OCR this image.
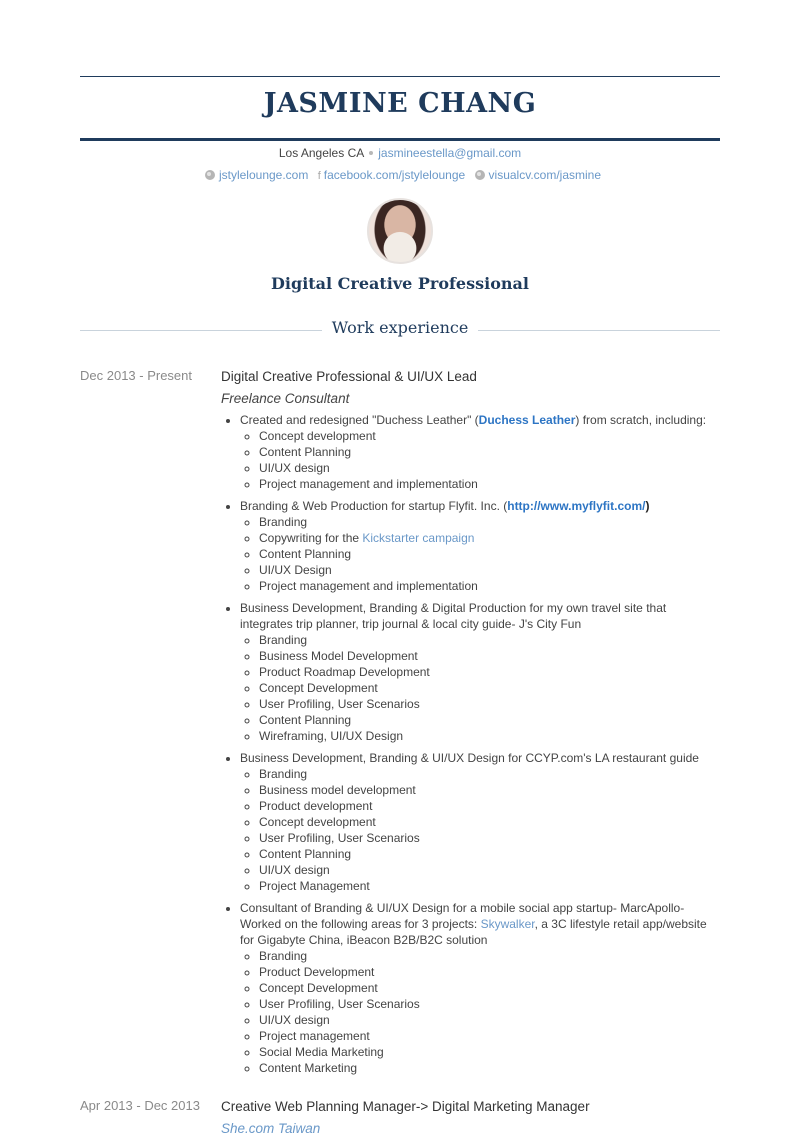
JASMINE CHANG
Los Angeles CA jasmineestella@gmail.com
jstylelounge.com f facebook.com/jstylelounge visualcv.com/jasmine
Digital Creative Professional
Work experience
Dec 2013 - Present Digital Creative Professional & UI/UX Lead
Freelance Consultant
• Created and redesigned "Duchess Leather" (Duchess Leather) from scratch, including:
◦ Concept development
◦ Content Planning
◦ UI/UX design
◦ Project management and implementation
• Branding & Web Production for startup Flyfit. Inc. (http://www.myflyfit.com/)
◦ Branding
◦ Copywriting for the Kickstarter campaign
◦ Content Planning
◦ UI/UX Design
◦ Project management and implementation
• Business Development, Branding & Digital Production for my own travel site that integrates trip planner, trip journal & local city guide- J's City Fun
◦ Branding
◦ Business Model Development
◦ Product Roadmap Development
◦ Concept Development
◦ User Profiling, User Scenarios
◦ Content Planning
◦ Wireframing, UI/UX Design
• Business Development, Branding & UI/UX Design for CCYP.com's LA restaurant guide
◦ Branding
◦ Business model development
◦ Product development
◦ Concept development
◦ User Profiling, User Scenarios
◦ Content Planning
◦ UI/UX design
◦ Project Management
• Consultant of Branding & UI/UX Design for a mobile social app startup- MarcApollo- Worked on the following areas for 3 projects: Skywalker, a 3C lifestyle retail app/website for Gigabyte China, iBeacon B2B/B2C solution
◦ Branding
◦ Product Development
◦ Concept Development
◦ User Profiling, User Scenarios
◦ UI/UX design
◦ Project management
◦ Social Media Marketing
◦ Content Marketing
Apr 2013 - Dec 2013 Creative Web Planning Manager-> Digital Marketing Manager
She.com Taiwan
